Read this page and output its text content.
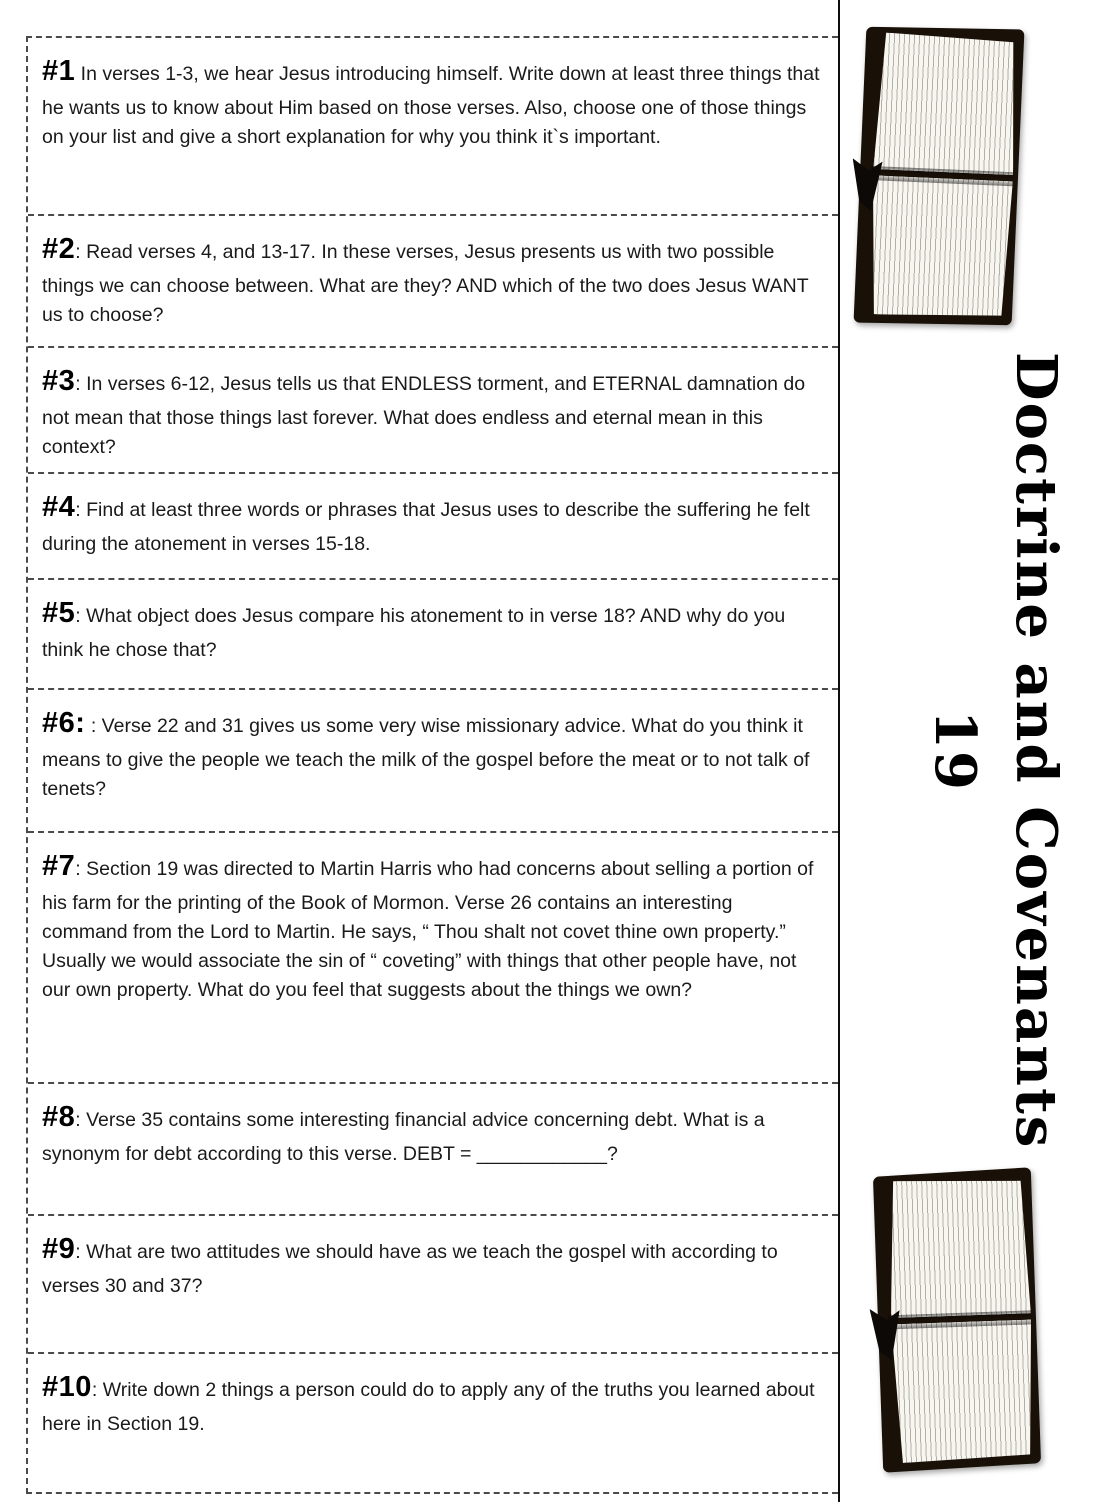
#1 In verses 1-3, we hear Jesus introducing himself. Write down at least three things that he wants us to know about Him based on those verses. Also, choose one of those things on your list and give a short explanation for why you think it`s important.
#2: Read verses 4, and 13-17. In these verses, Jesus presents us with two possible things we can choose between. What are they? AND which of the two does Jesus WANT us to choose?
#3: In verses 6-12, Jesus tells us that ENDLESS torment, and ETERNAL damnation do not mean that those things last forever. What does endless and eternal mean in this context?
#4: Find at least three words or phrases that Jesus uses to describe the suffering he felt during the atonement in verses 15-18.
#5: What object does Jesus compare his atonement to in verse 18? AND why do you think he chose that?
#6: : Verse 22 and 31 gives us some very wise missionary advice. What do you think it means to give the people we teach the milk of the gospel before the meat or to not talk of tenets?
#7: Section 19 was directed to Martin Harris who had concerns about selling a portion of his farm for the printing of the Book of Mormon. Verse 26 contains an interesting command from the Lord to Martin. He says, “ Thou shalt not covet thine own property.” Usually we would associate the sin of “ coveting” with things that other people have, not our own property. What do you feel that suggests about the things we own?
#8: Verse 35 contains some interesting financial advice concerning debt. What is a synonym for debt according to this verse. DEBT = ____________?
#9: What are two attitudes we should have as we teach the gospel with according to verses 30 and 37?
#10: Write down 2 things a person could do to apply any of the truths you learned about here in Section 19.
Doctrine and Covenants
19
